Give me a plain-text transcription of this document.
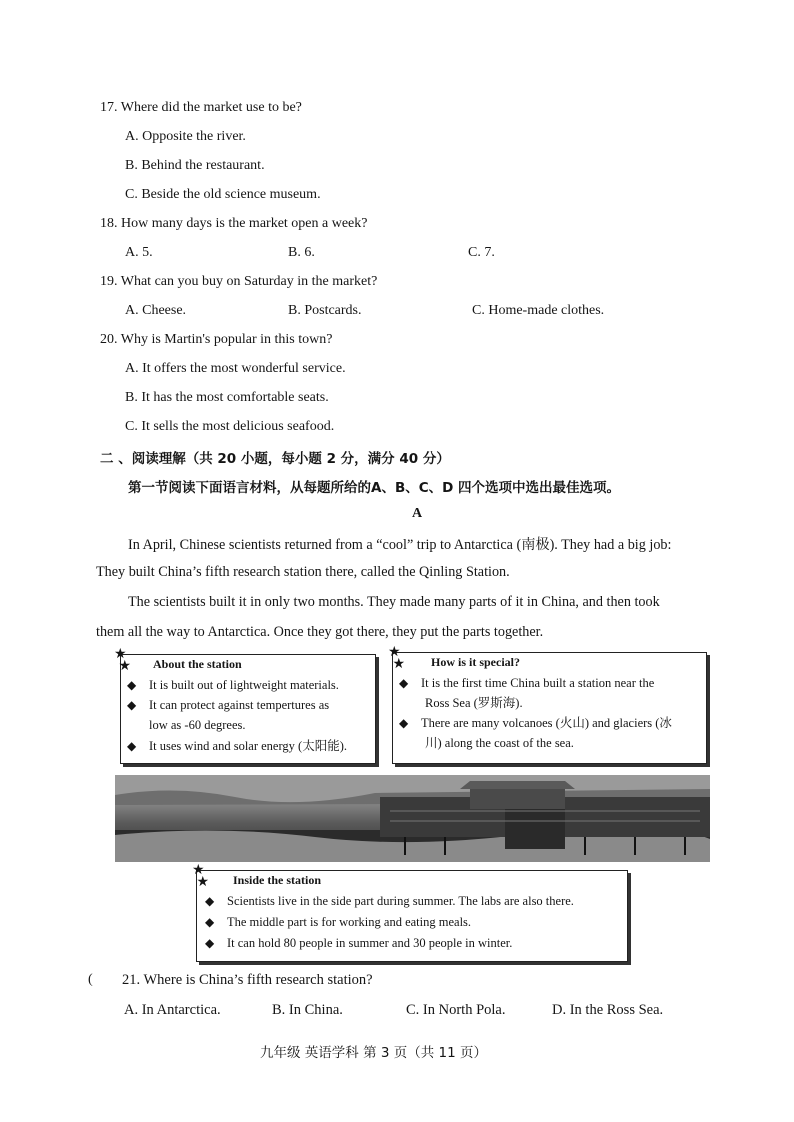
17. Where did the market use to be?
A. Opposite the river.
B. Behind the restaurant.
C. Beside the old science museum.
18. How many days is the market open a week?
A. 5.	B. 6.	C. 7.
19. What can you buy on Saturday in the market?
A. Cheese.	B. Postcards.	C. Home-made clothes.
20. Why is Martin's popular in this town?
A. It offers the most wonderful service.
B. It has the most comfortable seats.
C. It sells the most delicious seafood.
二 、阅读理解（共 20 小题，每小题 2 分，满分 40 分）
第一节阅读下面语言材料，从每题所给的A、B、C、D 四个选项中选出最佳选项。
A
In April, Chinese scientists returned from a “cool” trip to Antarctica (南极). They had a big job:
They built China’s fifth research station there, called the Qinling Station.
The scientists built it in only two months. They made many parts of it in China, and then took
them all the way to Antarctica. Once they got there, they put the parts together.
About the station
◆ It is built out of lightweight materials.
◆ It can protect against tempertures as
low as -60 degrees.
◆ It uses wind and solar energy (太阳能).
★
★	How is it special?
◆ It is the first time China built a station near the
Ross Sea (罗斯海).
◆ There are many volcanoes (火山) and glaciers (冰
川) along the coast of the sea.
★
★
Inside the station
◆ Scientists live in the side part during summer. The labs are also there.
◆ The middle part is for working and eating meals.
◆ It can hold 80 people in summer and 30 people in winter.
★
★
( 21. Where is China’s fifth research station?
A. In Antarctica.	B. In China.	C. In North Pola.	D. In the Ross Sea.
九年级 英语学科 第 3 页（共 11 页）
